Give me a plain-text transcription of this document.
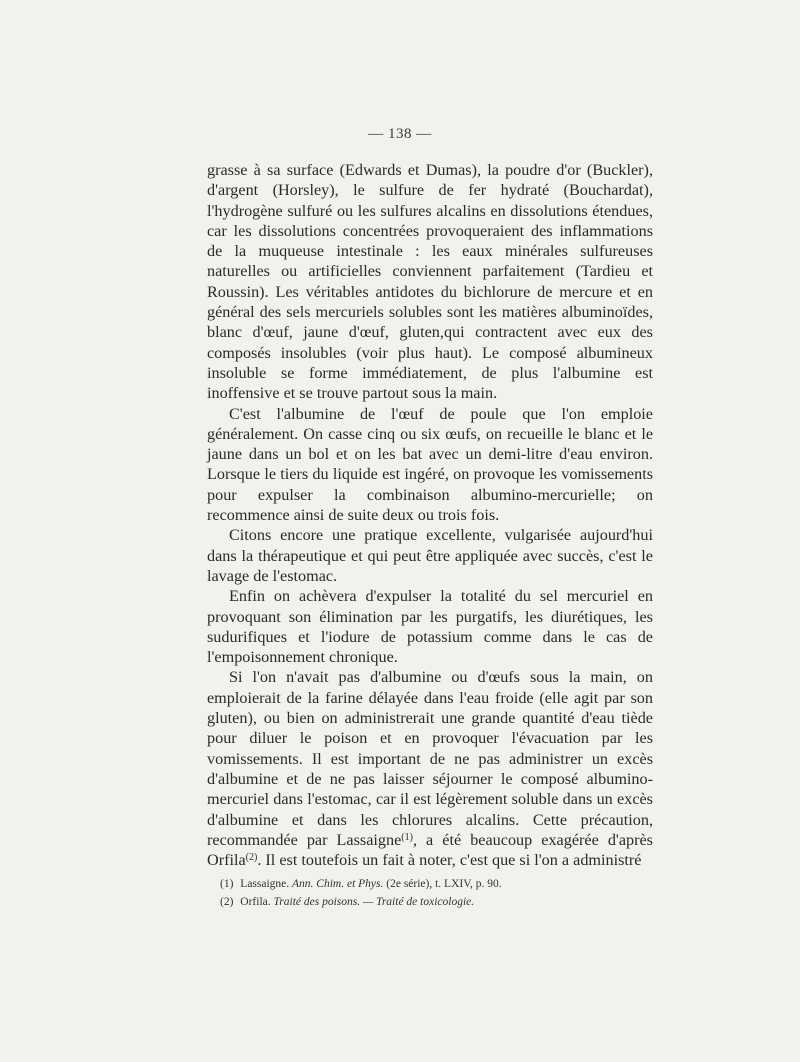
— 138 —

grasse à sa surface (Edwards et Dumas), la poudre d'or (Buckler), d'argent (Horsley), le sulfure de fer hydraté (Bouchardat), l'hydrogène sulfuré ou les sulfures alcalins en dissolutions étendues, car les dissolutions concentrées provoqueraient des inflammations de la muqueuse intestinale : les eaux minérales sulfureuses naturelles ou artificielles conviennent parfaitement (Tardieu et Roussin). Les véritables antidotes du bichlorure de mercure et en général des sels mercuriels solubles sont les matières albuminoïdes, blanc d'œuf, jaune d'œuf, gluten,qui contractent avec eux des composés insolubles (voir plus haut). Le composé albumineux insoluble se forme immédiatement, de plus l'albumine est inoffensive et se trouve partout sous la main.

C'est l'albumine de l'œuf de poule que l'on emploie généralement. On casse cinq ou six œufs, on recueille le blanc et le jaune dans un bol et on les bat avec un demi-litre d'eau environ. Lorsque le tiers du liquide est ingéré, on provoque les vomissements pour expulser la combinaison albumino-mercurielle; on recommence ainsi de suite deux ou trois fois.

Citons encore une pratique excellente, vulgarisée aujourd'hui dans la thérapeutique et qui peut être appliquée avec succès, c'est le lavage de l'estomac.

Enfin on achèvera d'expulser la totalité du sel mercuriel en provoquant son élimination par les purgatifs, les diurétiques, les sudurifiques et l'iodure de potassium comme dans le cas de l'empoisonnement chronique.

Si l'on n'avait pas d'albumine ou d'œufs sous la main, on emploierait de la farine délayée dans l'eau froide (elle agit par son gluten), ou bien on administrerait une grande quantité d'eau tiède pour diluer le poison et en provoquer l'évacuation par les vomissements. Il est important de ne pas administrer un excès d'albumine et de ne pas laisser séjourner le composé albumino-mercuriel dans l'estomac, car il est légèrement soluble dans un excès d'albumine et dans les chlorures alcalins. Cette précaution, recommandée par Lassaigne$^{(1)}$, a été beaucoup exagérée d'après Orfila$^{(2)}$. Il est toutefois un fait à noter, c'est que si l'on a administré

(1) Lassaigne. Ann. Chim. et Phys. (2e série), t. LXIV, p. 90.
(2) Orfila. Traité des poisons. — Traité de toxicologie.
